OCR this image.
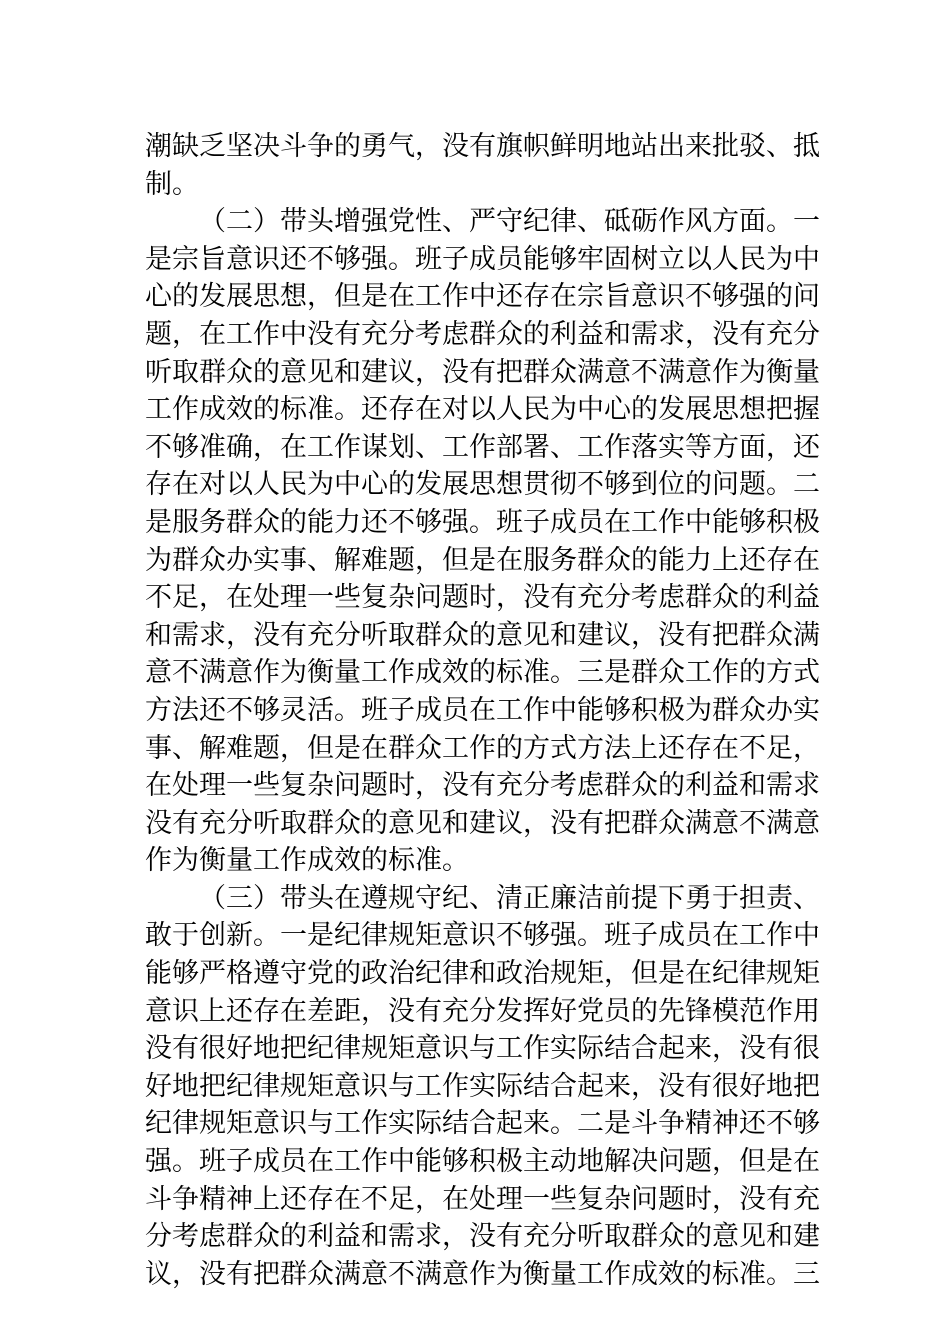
潮缺乏坚决斗争的勇气，没有旗帜鲜明地站出来批驳、抵
制。
（二）带头增强党性、严守纪律、砥砺作风方面。一
是宗旨意识还不够强。班子成员能够牢固树立以人民为中
心的发展思想，但是在工作中还存在宗旨意识不够强的问
题，在工作中没有充分考虑群众的利益和需求，没有充分
听取群众的意见和建议，没有把群众满意不满意作为衡量
工作成效的标准。还存在对以人民为中心的发展思想把握
不够准确，在工作谋划、工作部署、工作落实等方面，还
存在对以人民为中心的发展思想贯彻不够到位的问题。二
是服务群众的能力还不够强。班子成员在工作中能够积极
为群众办实事、解难题，但是在服务群众的能力上还存在
不足，在处理一些复杂问题时，没有充分考虑群众的利益
和需求，没有充分听取群众的意见和建议，没有把群众满
意不满意作为衡量工作成效的标准。三是群众工作的方式
方法还不够灵活。班子成员在工作中能够积极为群众办实
事、解难题，但是在群众工作的方式方法上还存在不足，
在处理一些复杂问题时，没有充分考虑群众的利益和需求
没有充分听取群众的意见和建议，没有把群众满意不满意
作为衡量工作成效的标准。
（三）带头在遵规守纪、清正廉洁前提下勇于担责、
敢于创新。一是纪律规矩意识不够强。班子成员在工作中
能够严格遵守党的政治纪律和政治规矩，但是在纪律规矩
意识上还存在差距，没有充分发挥好党员的先锋模范作用
没有很好地把纪律规矩意识与工作实际结合起来，没有很
好地把纪律规矩意识与工作实际结合起来，没有很好地把
纪律规矩意识与工作实际结合起来。二是斗争精神还不够
强。班子成员在工作中能够积极主动地解决问题，但是在
斗争精神上还存在不足，在处理一些复杂问题时，没有充
分考虑群众的利益和需求，没有充分听取群众的意见和建
议，没有把群众满意不满意作为衡量工作成效的标准。三
